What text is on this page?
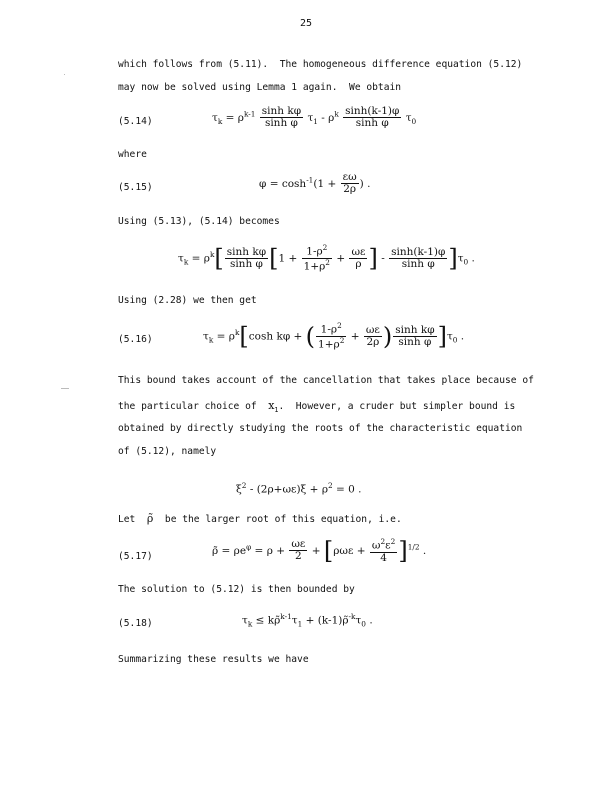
25
which follows from (5.11).  The homogeneous difference equation (5.12)
may now be solved using Lemma 1 again.  We obtain
(5.14)	$\tau_k = \rho^{k-1} \frac{\text{sinh kφ}}{\text{sinh φ}} \tau_1 - \rho^k \frac{\sinh(k-1)\varphi}{\text{sinh φ}} \tau_0$
where
(5.15)	$\varphi = \cosh^{-1}(1 + \frac{\varepsilon\omega}{2\rho}$ ) .
Using (5.13), (5.14) becomes
$\tau_k = \rho^k[ \frac{\text{sinh kφ}}{\text{sinh φ}} [1 + \frac{1-\rho^2}{1+\rho^2} + \frac{\omega\varepsilon}{\rho}$ ] - $\frac{\sinh(k-1)\varphi}{\text{sinh φ}} ]\tau_0$ .
Using (2.28) we then get
(5.16)	$\tau_k = \rho^k[\cosh$ kφ + ( $\frac{1-\rho^2}{1+\rho^2} + \frac{\omega\varepsilon}{2\rho}$ ) $\frac{\text{sinh kφ}}{\text{sinh φ}} ]\tau_0$ .
This bound takes account of the cancellation that takes place because of
the particular choice of $x_1$.  However, a cruder but simpler bound is
obtained by directly studying the roots of the characteristic equation
of (5.12), namely
$\xi^2 - (2\rho+\omega\varepsilon)\xi + \rho^2 = 0$ .
Let ρ̃ be the larger root of this equation, i.e.
(5.17)	ρ̃ = $\rho e^\varphi = \rho + \frac{\omega\varepsilon}{2} + [\rho\omega\varepsilon + \frac{\omega^2\varepsilon^2}{4} ]^{1/2}$ .
The solution to (5.12) is then bounded by
(5.18)	$\tau_k$ ≤ $k\rhõ^{k-1}\tau_1$ + $(k-1)\rhõ^{-k}\tau_0$ .
Summarizing these results we have
